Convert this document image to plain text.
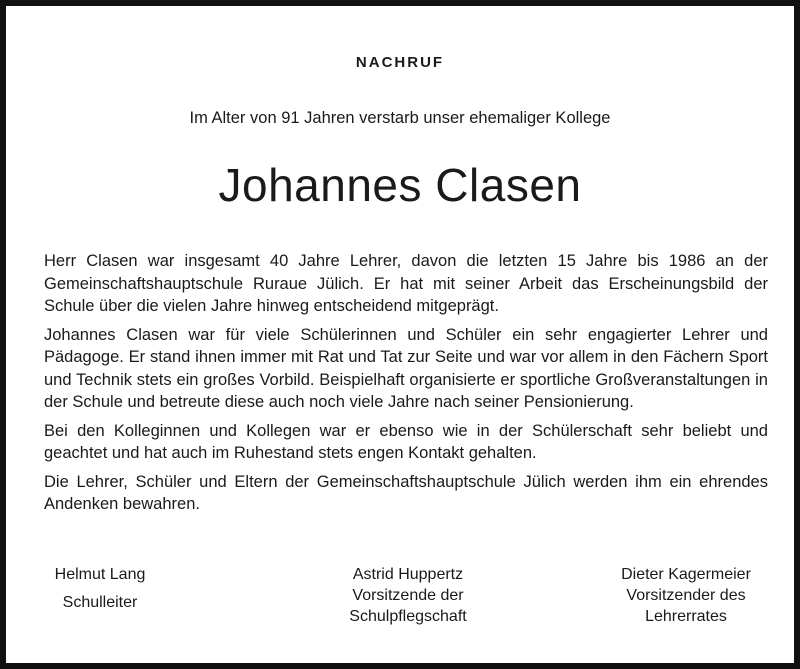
NACHRUF
Im Alter von 91 Jahren verstarb unser ehemaliger Kollege
Johannes Clasen

Herr Clasen war insgesamt 40 Jahre Lehrer, davon die letzten 15 Jahre bis 1986 an der Gemeinschaftshauptschule Ruraue Jülich. Er hat mit seiner Arbeit das Erscheinungsbild der Schule über die vielen Jahre hinweg entscheidend mitgeprägt.

Johannes Clasen war für viele Schülerinnen und Schüler ein sehr engagierter Lehrer und Pädagoge. Er stand ihnen immer mit Rat und Tat zur Seite und war vor allem in den Fächern Sport und Technik stets ein großes Vorbild. Beispielhaft organisierte er sportliche Großveranstaltungen in der Schule und betreute diese auch noch viele Jahre nach seiner Pensionierung.

Bei den Kolleginnen und Kollegen war er ebenso wie in der Schülerschaft sehr beliebt und geachtet und hat auch im Ruhestand stets engen Kontakt gehalten.

Die Lehrer, Schüler und Eltern der Gemeinschaftshauptschule Jülich werden ihm ein ehrendes Andenken bewahren.

Helmut Lang
Schulleiter
Astrid Huppertz
Vorsitzende der
Schulpflegschaft
Dieter Kagermeier
Vorsitzender des
Lehrerrates
